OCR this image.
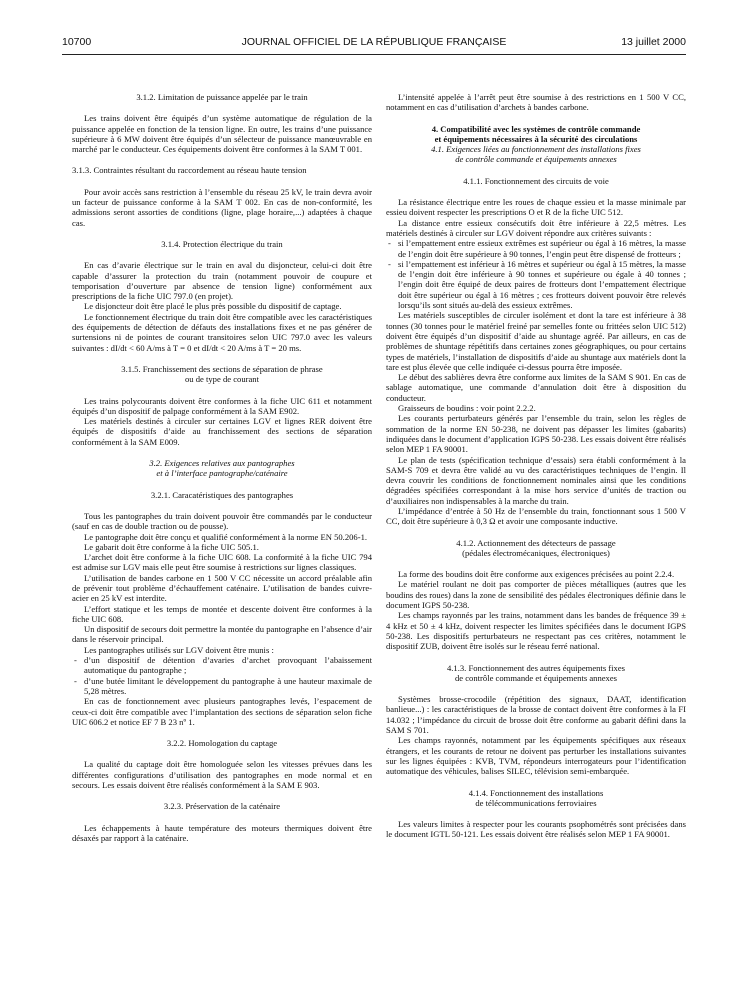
10700	JOURNAL OFFICIEL DE LA RÉPUBLIQUE FRANÇAISE	13 juillet 2000

3.1.2. Limitation de puissance appelée par le train

Les trains doivent être équipés d’un système automatique de régulation de la puissance appelée en fonction de la tension ligne. En outre, les trains d’une puissance supérieure à 6 MW doivent être équipés d’un sélecteur de puissance manœuvrable en marché par le conducteur. Ces équipements doivent être conformes à la SAM T 001.

3.1.3. Contraintes résultant du raccordement au réseau haute tension

Pour avoir accès sans restriction à l’ensemble du réseau 25 kV, le train devra avoir un facteur de puissance conforme à la SAM T 002. En cas de non-conformité, les admissions seront assorties de conditions (ligne, plage horaire,...) adaptées à chaque cas.

3.1.4. Protection électrique du train

En cas d’avarie électrique sur le train en aval du disjoncteur, celui-ci doit être capable d’assurer la protection du train (notamment pouvoir de coupure et temporisation d’ouverture par absence de tension ligne) conformément aux prescriptions de la fiche UIC 797.0 (en projet).

Le disjoncteur doit être placé le plus près possible du dispositif de captage.

Le fonctionnement électrique du train doit être compatible avec les caractéristiques des équipements de détection de défauts des installations fixes et ne pas générer de surtensions ni de pointes de courant transitoires selon UIC 797.0 avec les valeurs suivantes : dI/dt < 60 A/ms à T = 0 et dI/dt < 20 A/ms à T = 20 ms.

3.1.5. Franchissement des sections de séparation de phrase

ou de type de courant

Les trains polycourants doivent être conformes à la fiche UIC 611 et notamment équipés d’un dispositif de palpage conformément à la SAM E902.

Les matériels destinés à circuler sur certaines LGV et lignes RER doivent être équipés de dispositifs d’aide au franchissement des sections de séparation conformément à la SAM E009.

3.2. Exigences relatives aux pantographes

et à l’interface pantographe/caténaire

3.2.1. Caracatéristiques des pantographes

Tous les pantographes du train doivent pouvoir être commandés par le conducteur (sauf en cas de double traction ou de pousse).

Le pantographe doit être conçu et qualifié conformément à la norme EN 50.206-1.

Le gabarit doit être conforme à la fiche UIC 505.1.

L’archet doit être conforme à la fiche UIC 608. La conformité à la fiche UIC 794 est admise sur LGV mais elle peut être soumise à restrictions sur lignes classiques.

L’utilisation de bandes carbone en 1 500 V CC nécessite un accord préalable afin de prévenir tout problème d’échauffement caténaire. L’utilisation de bandes cuivre-acier en 25 kV est interdite.

L’effort statique et les temps de montée et descente doivent être conformes à la fiche UIC 608.

Un dispositif de secours doit permettre la montée du pantographe en l’absence d’air dans le réservoir principal.

Les pantographes utilisés sur LGV doivent être munis :

- d’un dispositif de détention d’avaries d’archet provoquant l’abaissement automatique du pantographe ;
- d’une butée limitant le développement du pantographe à une hauteur maximale de 5,28 mètres.

En cas de fonctionnement avec plusieurs pantographes levés, l’espacement de ceux-ci doit être compatible avec l’implantation des sections de séparation selon fiche UIC 606.2 et notice EF 7 B 23 nº 1.

3.2.2. Homologation du captage

La qualité du captage doit être homologuée selon les vitesses prévues dans les différentes configurations d’utilisation des pantographes en mode normal et en secours. Les essais doivent être réalisés conformément à la SAM E 903.

3.2.3. Préservation de la caténaire

Les échappements à haute température des moteurs thermiques doivent être désaxés par rapport à la caténaire.

L’intensité appelée à l’arrêt peut être soumise à des restrictions en 1 500 V CC, notamment en cas d’utilisation d’archets à bandes carbone.

4. Compatibilité avec les systèmes de contrôle commande

et équipements nécessaires à la sécurité des circulations

4.1. Exigences liées au fonctionnement des installations fixes

de contrôle commande et équipements annexes

4.1.1. Fonctionnement des circuits de voie

La résistance électrique entre les roues de chaque essieu et la masse minimale par essieu doivent respecter les prescriptions O et R de la fiche UIC 512.

La distance entre essieux consécutifs doit être inférieure à 22,5 mètres. Les matériels destinés à circuler sur LGV doivent répondre aux critères suivants :

- si l’empattement entre essieux extrêmes est supérieur ou égal à 16 mètres, la masse de l’engin doit être supérieure à 90 tonnes, l’engin peut être dispensé de frotteurs ;
- si l’empattement est inférieur à 16 mètres et supérieur ou égal à 15 mètres, la masse de l’engin doit être inférieure à 90 tonnes et supérieure ou égale à 40 tonnes ; l’engin doit être équipé de deux paires de frotteurs dont l’empattement électrique doit être supérieur ou égal à 16 mètres ; ces frotteurs doivent pouvoir être relevés lorsqu’ils sont situés au-delà des essieux extrêmes.

Les matériels susceptibles de circuler isolément et dont la tare est inférieure à 38 tonnes (30 tonnes pour le matériel freiné par semelles fonte ou frittées selon UIC 512) doivent être équipés d’un dispositif d’aide au shuntage agréé. Par ailleurs, en cas de problèmes de shuntage répétitifs dans certaines zones géographiques, ou pour certains types de matériels, l’installation de dispositifs d’aide au shuntage aux matériels dont la tare est plus élevée que celle indiquée ci-dessus pourra être imposée.

Le début des sablières devra être conforme aux limites de la SAM S 901. En cas de sablage automatique, une commande d’annulation doit être à disposition du conducteur.

Graisseurs de boudins : voir point 2.2.2.

Les courants perturbateurs générés par l’ensemble du train, selon les règles de sommation de la norme EN 50-238, ne doivent pas dépasser les limites (gabarits) indiquées dans le document d’application IGPS 50-238. Les essais doivent être réalisés selon MEP 1 FA 90001.

Le plan de tests (spécification technique d’essais) sera établi conformément à la SAM-S 709 et devra être validé au vu des caractéristiques techniques de l’engin. Il devra couvrir les conditions de fonctionnement nominales ainsi que les conditions dégradées spécifiées correspondant à la mise hors service d’unités de traction ou d’auxiliaires non indispensables à la marche du train.

L’impédance d’entrée à 50 Hz de l’ensemble du train, fonctionnant sous 1 500 V CC, doit être supérieure à 0,3 Ω et avoir une composante inductive.

4.1.2. Actionnement des détecteurs de passage

(pédales électromécaniques, électroniques)

La forme des boudins doit être conforme aux exigences précisées au point 2.2.4.

Le matériel roulant ne doit pas comporter de pièces métalliques (autres que les boudins des roues) dans la zone de sensibilité des pédales électroniques définie dans le document IGPS 50-238.

Les champs rayonnés par les trains, notamment dans les bandes de fréquence 39 ± 4 kHz et 50 ± 4 kHz, doivent respecter les limites spécifiées dans le document IGPS 50-238. Les dispositifs perturbateurs ne respectant pas ces critères, notamment le dispositif ZUB, doivent être isolés sur le réseau ferré national.

4.1.3. Fonctionnement des autres équipements fixes

de contrôle commande et équipements annexes

Systèmes brosse-crocodile (répétition des signaux, DAAT, identification banlieue...) : les caractéristiques de la brosse de contact doivent être conformes à la FI 14.032 ; l’impédance du circuit de brosse doit être conforme au gabarit défini dans la SAM S 701.

Les champs rayonnés, notamment par les équipements spécifiques aux réseaux étrangers, et les courants de retour ne doivent pas perturber les installations suivantes sur les lignes équipées : KVB, TVM, répondeurs interrogateurs pour l’identification automatique des véhicules, balises SILEC, télévision semi-embarquée.

4.1.4. Fonctionnement des installations

de télécommunications ferroviaires

Les valeurs limites à respecter pour les courants psophométrés sont précisées dans le document IGTL 50-121. Les essais doivent être réalisés selon MEP 1 FA 90001.
